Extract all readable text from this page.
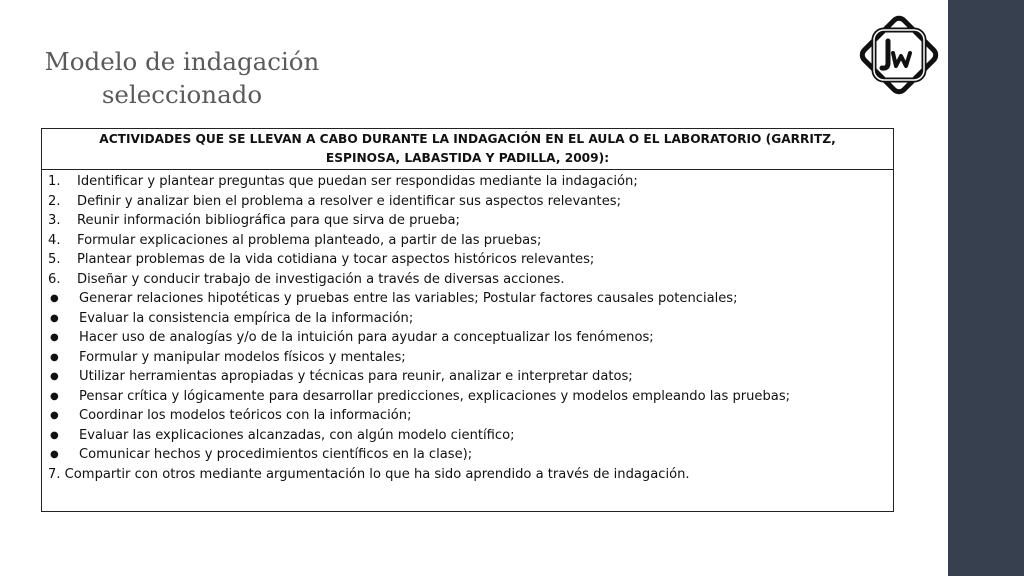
Modelo de indagación
seleccionado
ACTIVIDADES QUE SE LLEVAN A CABO DURANTE LA INDAGACIÓN EN EL AULA O EL LABORATORIO (GARRITZ, ESPINOSA, LABASTIDA Y PADILLA, 2009):
1.	Identificar y plantear preguntas que puedan ser respondidas mediante la indagación;
2.	Definir y analizar bien el problema a resolver e identificar sus aspectos relevantes;
3.	Reunir información bibliográfica para que sirva de prueba;
4.	Formular explicaciones al problema planteado, a partir de las pruebas;
5.	Plantear problemas de la vida cotidiana y tocar aspectos históricos relevantes;
6.	Diseñar y conducir trabajo de investigación a través de diversas acciones.
●	Generar relaciones hipotéticas y pruebas entre las variables; Postular factores causales potenciales;
●	Evaluar la consistencia empírica de la información;
●	Hacer uso de analogías y/o de la intuición para ayudar a conceptualizar los fenómenos;
●	Formular y manipular modelos físicos y mentales;
●	Utilizar herramientas apropiadas y técnicas para reunir, analizar e interpretar datos;
●	Pensar crítica y lógicamente para desarrollar predicciones, explicaciones y modelos empleando las pruebas;
●	Coordinar los modelos teóricos con la información;
●	Evaluar las explicaciones alcanzadas, con algún modelo científico;
●	Comunicar hechos y procedimientos científicos en la clase);
7. Compartir con otros mediante argumentación lo que ha sido aprendido a través de indagación.
